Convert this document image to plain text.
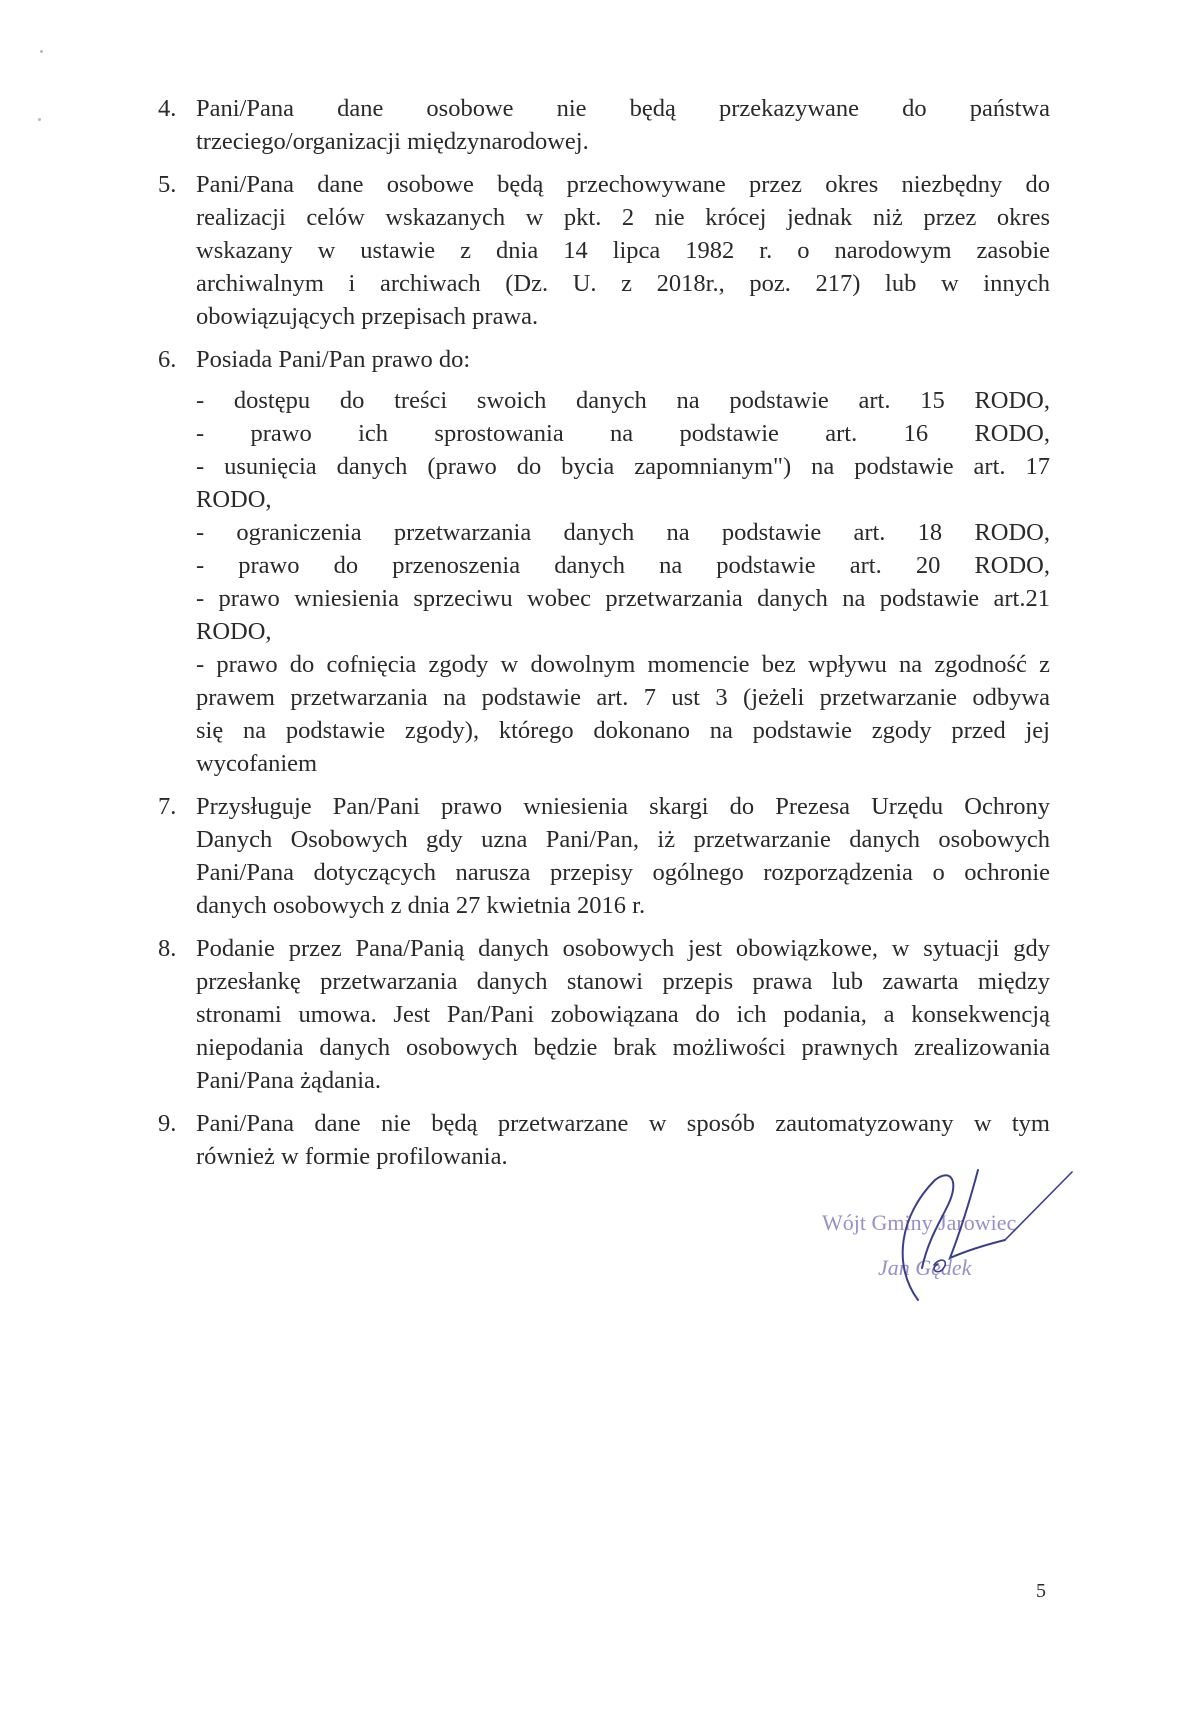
4. Pani/Pana dane osobowe nie będą przekazywane do państwa
trzeciego/organizacji międzynarodowej.
5. Pani/Pana dane osobowe będą przechowywane przez okres niezbędny do
realizacji celów wskazanych w pkt. 2 nie krócej jednak niż przez okres
wskazany w ustawie z dnia 14 lipca 1982 r. o narodowym zasobie
archiwalnym i archiwach (Dz. U. z 2018r., poz. 217) lub w innych
obowiązujących przepisach prawa.
6. Posiada Pani/Pan prawo do:
- dostępu do treści swoich danych na podstawie art. 15 RODO,
- prawo ich sprostowania na podstawie art. 16 RODO,
- usunięcia danych (prawo do bycia zapomnianym") na podstawie art. 17
RODO,
- ograniczenia przetwarzania danych na podstawie art. 18 RODO,
- prawo do przenoszenia danych na podstawie art. 20 RODO,
- prawo wniesienia sprzeciwu wobec przetwarzania danych na podstawie art.21
RODO,
- prawo do cofnięcia zgody w dowolnym momencie bez wpływu na zgodność z
prawem przetwarzania na podstawie art. 7 ust 3 (jeżeli przetwarzanie odbywa
się na podstawie zgody), którego dokonano na podstawie zgody przed jej
wycofaniem
7. Przysługuje Pan/Pani prawo wniesienia skargi do Prezesa Urzędu Ochrony
Danych Osobowych gdy uzna Pani/Pan, iż przetwarzanie danych osobowych
Pani/Pana dotyczących narusza przepisy ogólnego rozporządzenia o ochronie
danych osobowych z dnia 27 kwietnia 2016 r.
8. Podanie przez Pana/Panią danych osobowych jest obowiązkowe, w sytuacji gdy
przesłankę przetwarzania danych stanowi przepis prawa lub zawarta między
stronami umowa. Jest Pan/Pani zobowiązana do ich podania, a konsekwencją
niepodania danych osobowych będzie brak możliwości prawnych zrealizowania
Pani/Pana żądania.
9. Pani/Pana dane nie będą przetwarzane w sposób zautomatyzowany w tym
również w formie profilowania.
Wójt Gminy Jarowiec
Jan Gędek
5
